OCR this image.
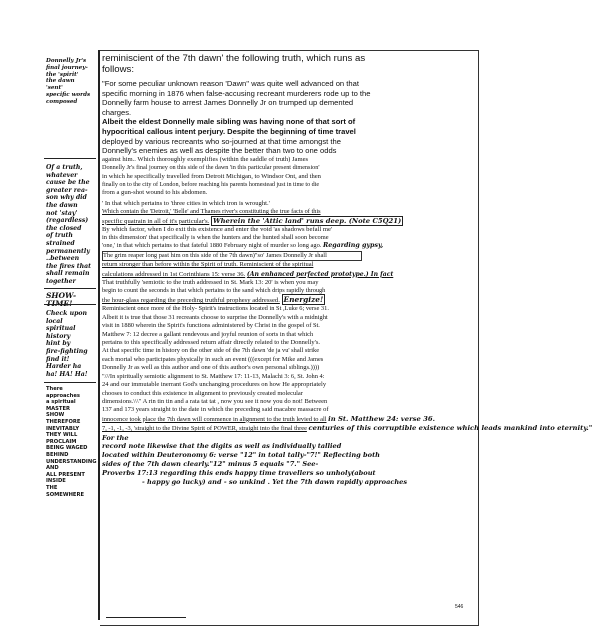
Donnelly Jr's
final journey-
the 'spirit'
the dawn
'sent'
specific words
composed
Of a truth,
whatever
cause be the
greater rea-
son why did
the dawn
not 'stay'
(regardless)
the closed
of truth
strained
permanently
..between
the fires that
shall remain
together
SHOW-TIME!
Check upon
local
spiritual
history
hint by
fire-fighting
find it!
Harder ha
ha! HA! Ha!
There
approaches
a spiritual
MASTER
SHOW
THEREFORE
INEVITABLY
THEY WILL
PROCLAIM
BEING WAGED
BEHIND
UNDERSTANDING
AND
ALL PRESENT
INSIDE
THE
SOMEWHERE
reminiscient of the 7th dawn' the following truth, which runs as
follows:
"For some peculiar unknown reason 'Dawn'' was quite well advanced on that
specific morning in 1876 when false-accusing recreant murderers rode up to the
Donnelly farm house to arrest James Donnelly Jr on trumped up demented
charges.
Albeit the eldest Donnelly male sibling was having none of that sort of
hypocritical callous intent perjury. Despite the beginning of time travel
deployed by various recreants who so-journed at that time amongst the
Donnelly's enemies as well as despite the better than two to one odds
against him.. Which thoroughly exemplifies (within the saddle of truth) James
Donnelly Jr's final journey on this side of the dawn 'in this particular present dimension'
in which he specifically travelled from Detroit Michigan, to Windsor Ont, and then
finally on to the city of London, before reaching his parents homestead just in time to die
from a gun-shot wound to his abdomen.
' In that which pertains to 'three cities in which iron is wrought.'
Which contain the 'Detroit,' 'Belle' and Thames river's constituting the true facts of this
specific quatrain in all of it's particular's. Wherein the 'Attic land' runs deep. (Note C5Q21)
By which factor, when I do exit this existence and enter the void 'as shadows befall me'
in this dimension' that specifically is when the hunters and the hunted shall soon become
'one,' in that which pertains to that fateful 1880 February night of murder so long ago. Regarding gypsy,
The grim reaper long past him on this side of the 7th dawn)"so' James Donnelly Jr shall
return stronger than before within the Spirit of truth. Reminiscient of the spiritual
calculations addressed in 1st Corinthians 15: verse 36. (An enhanced perfected prototype.) In fact
That truthfully 'semiotic to the truth addressed in St. Mark 13: 20' is when you may
begin to count the seconds in that which pertains to the sand which drips rapidly through
the hour-glass regarding the preceding truthful prophesy addressed. Energize!
Reminiscient once more of the Holy- Spirit's instructions located in St ,Luke 6; verse 31.
Albeit it is true that those 31 recreants choose to surprise the Donnelly's with a midnight
visit in 1880 wherein the Spirit's functions administered by Christ in the gospel of St.
Matthew 7: 12 decree a gallant rendevous and joyful reunion of sorts in that which
pertains to this specifically addressed return affair directly related to the Donnelly's.
At that specific time in history on the other side of the 7th dawn 'de ja vu' shall strike
each mortal who participates physically in such an event (((except for Mike and James
Donnelly Jr as well as this author and one of this author's own personal siblings.))))
"///In spiritually semiotic alignment to St. Matthew 17: 11-13, Malachi 3: 6, St. John 4:
24 and our immutable inerrant God's unchanging procedures on how He appropriately
chooses to conduct this existence in alignment to previously created molecular
dimensions.\\\" A rin tin tin and a rata tat tat , now you see it now you do not! Between
137 and 173 years straight to the date in which the preceding said macabre massacre of
innocence took place the 7th dawn will commence in alignment to the truth levied to all in St. Matthew 24: verse 36.
7, -1, -1, -3, 'straight to the Divine Spirit of POWER, straight into the final three centuries of this corruptible existence which leads mankind into eternity."
For the
record note likewise that the digits as well as individually tallied
located within Deuteronomy 6: verse "12" in total tally-"7!" Reflecting both
sides of the 7th dawn clearly."12" minus 5 equals "7." See-
Proverbs 17:13 regarding this ends happy time travellers so unholy(about
- happy go lucky) and - so unkind . Yet the 7th dawn rapidly approaches
546
